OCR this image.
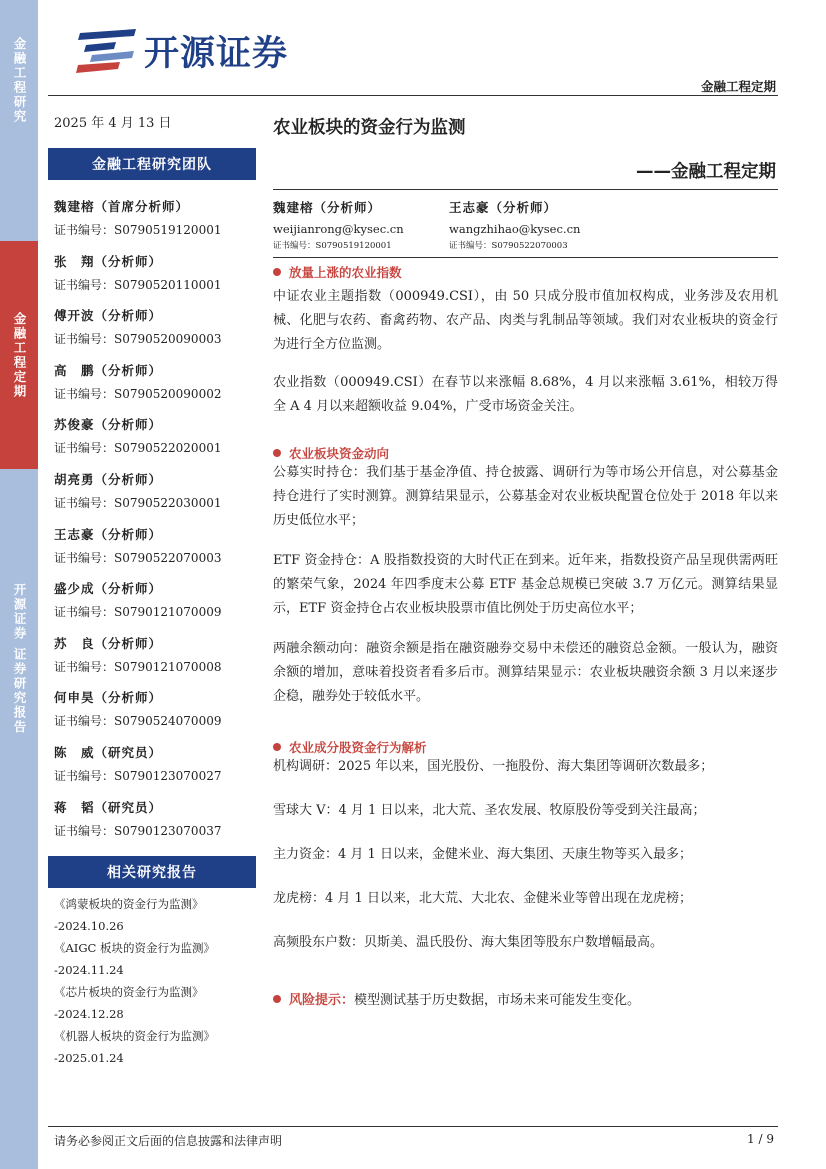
金融工程研究
金融工程定期
开源证券 证券研究报告
开源证券
金融工程定期
2025 年 4 月 13 日
金融工程研究团队
魏建榕（首席分析师）
证书编号：S0790519120001
张　翔（分析师）
证书编号：S0790520110001
傅开波（分析师）
证书编号：S0790520090003
高　鹏（分析师）
证书编号：S0790520090002
苏俊豪（分析师）
证书编号：S0790522020001
胡亮勇（分析师）
证书编号：S0790522030001
王志豪（分析师）
证书编号：S0790522070003
盛少成（分析师）
证书编号：S0790121070009
苏　良（分析师）
证书编号：S0790121070008
何申昊（分析师）
证书编号：S0790524070009
陈　威（研究员）
证书编号：S0790123070027
蒋　韬（研究员）
证书编号：S0790123070037
相关研究报告
《鸿蒙板块的资金行为监测》
-2024.10.26
《AIGC 板块的资金行为监测》
-2024.11.24
《芯片板块的资金行为监测》
-2024.12.28
《机器人板块的资金行为监测》
-2025.01.24
农业板块的资金行为监测
——金融工程定期
魏建榕（分析师）
weijianrong@kysec.cn
证书编号：S0790519120001
王志豪（分析师）
wangzhihao@kysec.cn
证书编号：S0790522070003
放量上涨的农业指数
中证农业主题指数（000949.CSI），由 50 只成分股市值加权构成，业务涉及农用机械、化肥与农药、畜禽药物、农产品、肉类与乳制品等领域。我们对农业板块的资金行为进行全方位监测。
农业指数（000949.CSI）在春节以来涨幅 8.68%，4 月以来涨幅 3.61%，相较万得全 A 4 月以来超额收益 9.04%，广受市场资金关注。
农业板块资金动向
公募实时持仓：我们基于基金净值、持仓披露、调研行为等市场公开信息，对公募基金持仓进行了实时测算。测算结果显示，公募基金对农业板块配置仓位处于 2018 年以来历史低位水平；
ETF 资金持仓：A 股指数投资的大时代正在到来。近年来，指数投资产品呈现供需两旺的繁荣气象，2024 年四季度末公募 ETF 基金总规模已突破 3.7 万亿元。测算结果显示，ETF 资金持仓占农业板块股票市值比例处于历史高位水平；
两融余额动向：融资余额是指在融资融券交易中未偿还的融资总金额。一般认为，融资余额的增加，意味着投资者看多后市。测算结果显示：农业板块融资余额 3 月以来逐步企稳，融券处于较低水平。
农业成分股资金行为解析
机构调研：2025 年以来，国光股份、一拖股份、海大集团等调研次数最多；
雪球大 V：4 月 1 日以来，北大荒、圣农发展、牧原股份等受到关注最高；
主力资金：4 月 1 日以来，金健米业、海大集团、天康生物等买入最多；
龙虎榜：4 月 1 日以来，北大荒、大北农、金健米业等曾出现在龙虎榜；
高频股东户数：贝斯美、温氏股份、海大集团等股东户数增幅最高。
风险提示： 模型测试基于历史数据，市场未来可能发生变化。
请务必参阅正文后面的信息披露和法律声明	1 / 9
